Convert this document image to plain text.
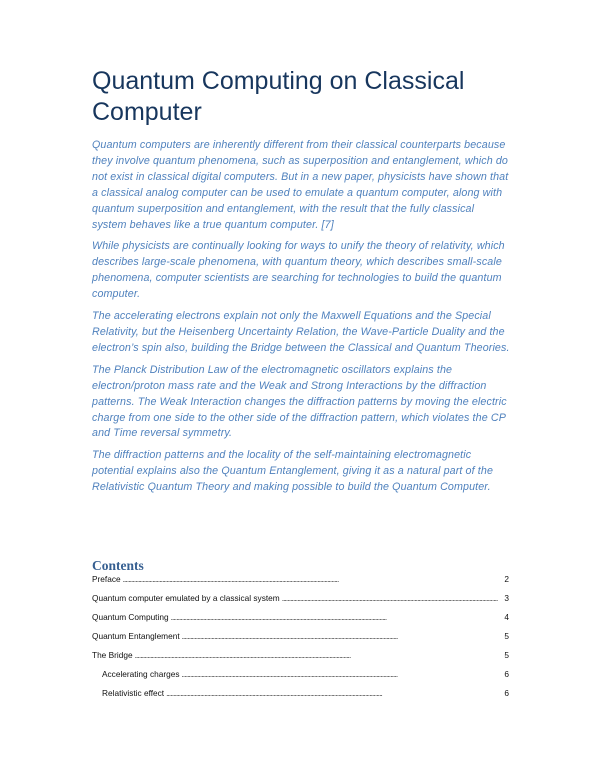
Quantum Computing on Classical Computer

Quantum computers are inherently different from their classical counterparts because they involve quantum phenomena, such as superposition and entanglement, which do not exist in classical digital computers. But in a new paper, physicists have shown that a classical analog computer can be used to emulate a quantum computer, along with quantum superposition and entanglement, with the result that the fully classical system behaves like a true quantum computer. [7]

While physicists are continually looking for ways to unify the theory of relativity, which describes large-scale phenomena, with quantum theory, which describes small-scale phenomena, computer scientists are searching for technologies to build the quantum computer.

The accelerating electrons explain not only the Maxwell Equations and the Special Relativity, but the Heisenberg Uncertainty Relation, the Wave-Particle Duality and the electron’s spin also, building the Bridge between the Classical and Quantum Theories.

The Planck Distribution Law of the electromagnetic oscillators explains the electron/proton mass rate and the Weak and Strong Interactions by the diffraction patterns. The Weak Interaction changes the diffraction patterns by moving the electric charge from one side to the other side of the diffraction pattern, which violates the CP and Time reversal symmetry.

The diffraction patterns and the locality of the self-maintaining electromagnetic potential explains also the Quantum Entanglement, giving it as a natural part of the Relativistic Quantum Theory and making possible to build the Quantum Computer.

Contents
Preface . . .	2
Quantum computer emulated by a classical system . . .	3
Quantum Computing . . .	4
Quantum Entanglement . . .	5
The Bridge . . .	5
Accelerating charges . . .	6
Relativistic effect . . .	6
